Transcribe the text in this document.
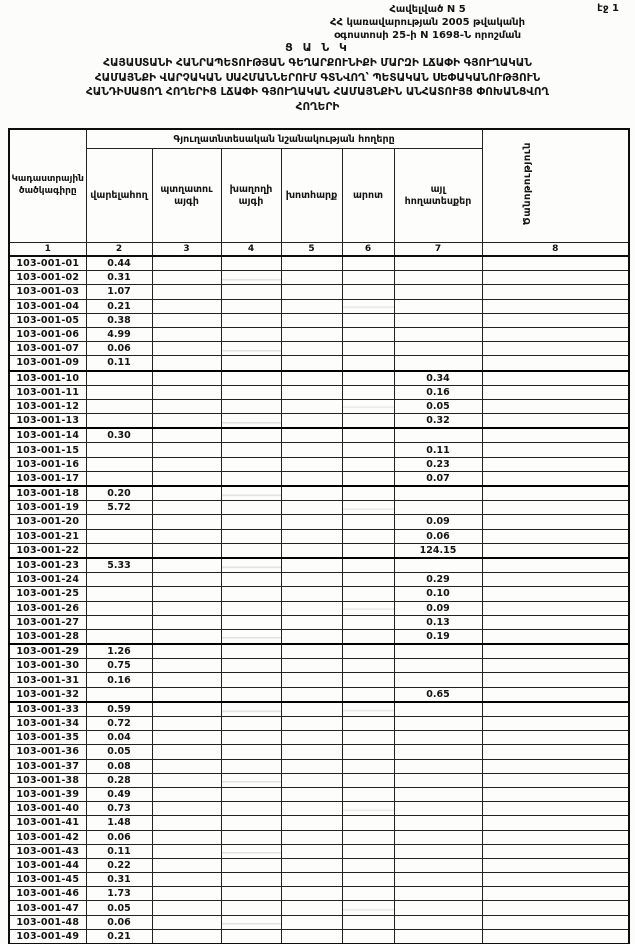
Հավելված N 5
ՀՀ կառավարության 2005 թվականի
օգոստոսի 25-ի N 1698-Ն որոշման
էջ 1
Ց Ա Ն Կ
ՀԱՅԱՍՏԱՆԻ ՀԱՆՐԱՊԵՏՈՒԹՅԱՆ ԳԵՂԱՐՔՈՒՆԻՔԻ ՄԱՐԶԻ ԼՃԱՓԻ ԳՅՈՒՂԱԿԱՆ
ՀԱՄԱՅՆՔԻ ՎԱՐՉԱԿԱՆ ՍԱՀՄԱՆՆԵՐՈՒՄ ԳՏՆՎՈՂ՝ ՊԵՏԱԿԱՆ ՍԵՓԱԿԱՆՈՒԹՅՈՒՆ
ՀԱՆԴԻՍԱՑՈՂ ՀՈՂԵՐԻՑ ԼՃԱՓԻ ԳՅՈՒՂԱԿԱՆ ՀԱՄԱՅՆՔԻՆ ԱՆՀԱՏՈՒՅՑ ՓՈԽԱՆՑՎՈՂ
ՀՈՂԵՐԻ
Կադաստրային ծածկագիրը	Գյուղատնտեսական նշանակության հողերը						Ծանոթություն
	վարելահող	պտղատու այգի	խաղողի այգի	խոտհարք	արոտ	այլ հողատեսքեր	
1	2	3	4	5	6	7	8
103-001-01	0.44						
103-001-02	0.31						
103-001-03	1.07						
103-001-04	0.21						
103-001-05	0.38						
103-001-06	4.99						
103-001-07	0.06						
103-001-09	0.11						
103-001-10						0.34	
103-001-11						0.16	
103-001-12						0.05	
103-001-13						0.32	
103-001-14	0.30						
103-001-15						0.11	
103-001-16						0.23	
103-001-17						0.07	
103-001-18	0.20						
103-001-19	5.72						
103-001-20						0.09	
103-001-21						0.06	
103-001-22						124.15	
103-001-23	5.33						
103-001-24						0.29	
103-001-25						0.10	
103-001-26						0.09	
103-001-27						0.13	
103-001-28						0.19	
103-001-29	1.26						
103-001-30	0.75						
103-001-31	0.16						
103-001-32						0.65	
103-001-33	0.59						
103-001-34	0.72						
103-001-35	0.04						
103-001-36	0.05						
103-001-37	0.08						
103-001-38	0.28						
103-001-39	0.49						
103-001-40	0.73						
103-001-41	1.48						
103-001-42	0.06						
103-001-43	0.11						
103-001-44	0.22						
103-001-45	0.31						
103-001-46	1.73						
103-001-47	0.05						
103-001-48	0.06						
103-001-49	0.21						
